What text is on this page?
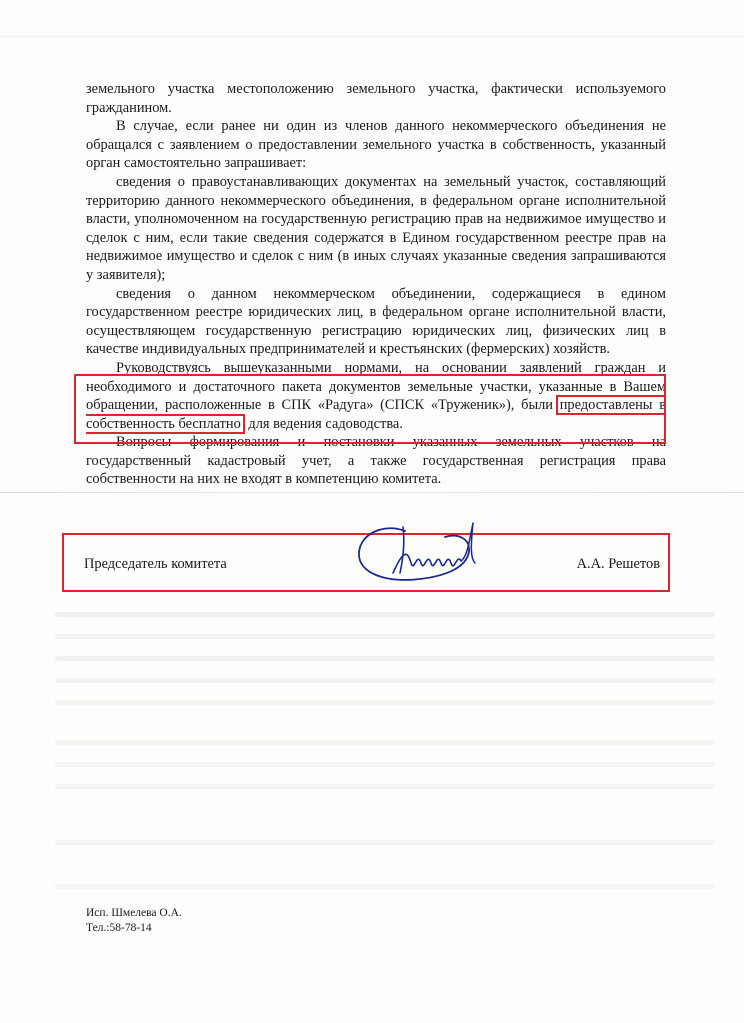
земельного участка местоположению земельного участка, фактически используемого гражданином.

В случае, если ранее ни один из членов данного некоммерческого объединения не обращался с заявлением о предоставлении земельного участка в собственность, указанный орган самостоятельно запрашивает:

сведения о правоустанавливающих документах на земельный участок, составляющий территорию данного некоммерческого объединения, в федеральном органе исполнительной власти, уполномоченном на государственную регистрацию прав на недвижимое имущество и сделок с ним, если такие сведения содержатся в Едином государственном реестре прав на недвижимое имущество и сделок с ним (в иных случаях указанные сведения запрашиваются у заявителя);

сведения о данном некоммерческом объединении, содержащиеся в едином государственном реестре юридических лиц, в федеральном органе исполнительной власти, осуществляющем государственную регистрацию юридических лиц, физических лиц в качестве индивидуальных предпринимателей и крестьянских (фермерских) хозяйств.

Руководствуясь вышеуказанными нормами, на основании заявлений граждан и необходимого и достаточного пакета документов земельные участки, указанные в Вашем обращении, расположенные в СПК «Радуга» (СПСК «Труженик»), были предоставлены в собственность бесплатно для ведения садоводства.

Вопросы формирования и постановки указанных земельных участков на государственный кадастровый учет, а также государственная регистрация права собственности на них не входят в компетенцию комитета.

Председатель комитета	А.А. Решетов
Исп. Шмелева О.А.
Тел.:58-78-14
